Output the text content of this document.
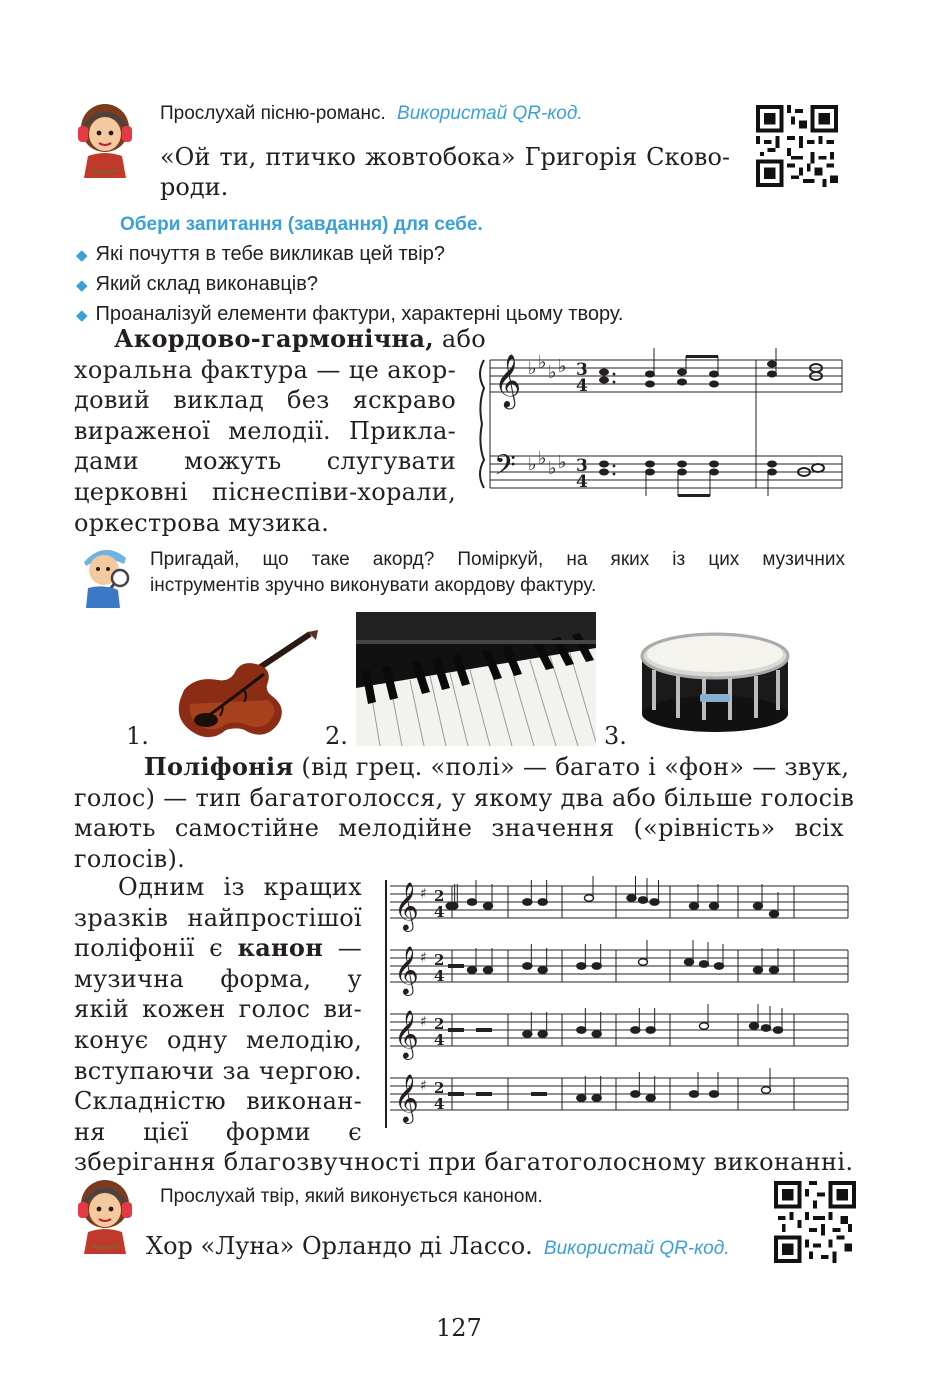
Прослухай пісню-романс. Використай QR-код.
«Ой ти, птичко жовтобока» Григорія Сково-
роди.
Обери запитання (завдання) для себе.
◆ Які почуття в тебе викликав цей твір?
◆ Який склад виконавців?
◆ Проаналізуй елементи фактури, характерні цьому твору.

Акордово-гармонічна, або

хоральна фактура — це акор-

довий виклад без яскраво

вираженої мелодії. Прикла-

дами можуть слугувати

церковні піснеспіви-хорали,

оркестрова музика.

𝄞
𝄢
♭ ♭ ♭ ♭
♭ ♭ ♭ ♭
3
4
3
4
Пригадай, що таке акорд? Поміркуй, на яких із цих музичних
інструментів зручно виконувати акордову фактуру.
1.	2.	3.

Поліфонія (від грец. «полі» — багато і «фон» — звук,

голос) — тип багатоголосся, у якому два або більше голосів

мають самостійне мелодійне значення («рівність» всіх

голосів).

Одним із кращих

зразків найпростішої

поліфонії є канон —

музична форма, у

якій кожен голос ви-

конує одну мелодію,

вступаючи за чергою.

Складністю виконан-

ня цієї форми є

зберігання благозвучності при багатоголосному виконанні.
𝄞 ♯ 2
4
𝄞 ♯ 2
4
𝄞 ♯ 2
4
𝄞 ♯ 2
4
Прослухай твір, який виконується каноном.
Хор «Луна» Орландо ді Лассо. Використай QR-код.
127
